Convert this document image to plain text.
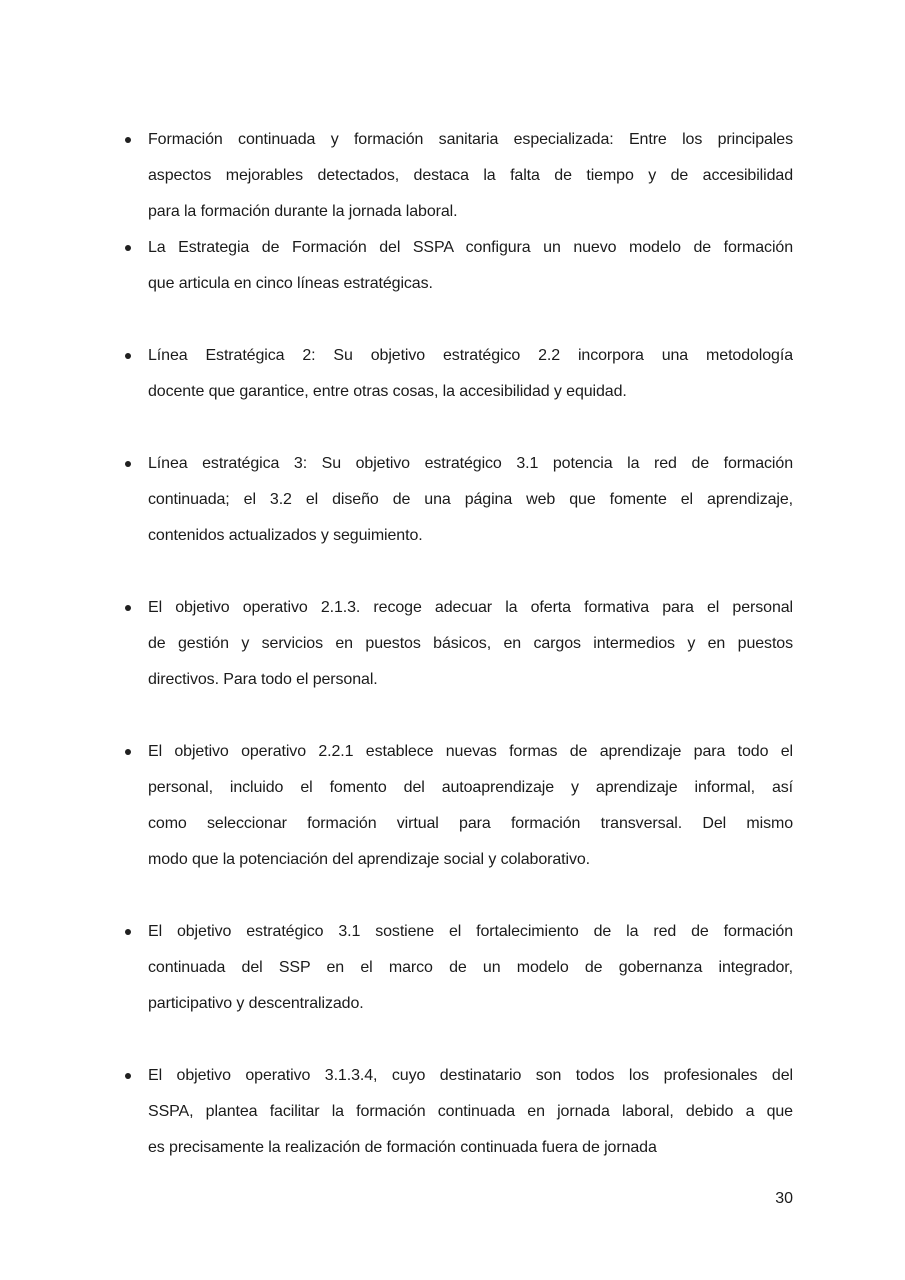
Formación continuada y formación sanitaria especializada: Entre los principales
aspectos mejorables detectados, destaca la falta de tiempo y de accesibilidad
para la formación durante la jornada laboral.
La Estrategia de Formación del SSPA configura un nuevo modelo de formación
que articula en cinco líneas estratégicas.
Línea Estratégica 2: Su objetivo estratégico 2.2 incorpora una metodología
docente que garantice, entre otras cosas, la accesibilidad y equidad.
Línea estratégica 3: Su objetivo estratégico 3.1 potencia la red de formación
continuada; el 3.2 el diseño de una página web que fomente el aprendizaje,
contenidos actualizados y seguimiento.
El objetivo operativo 2.1.3. recoge adecuar la oferta formativa para el personal
de gestión y servicios en puestos básicos, en cargos intermedios y en puestos
directivos. Para todo el personal.
El objetivo operativo 2.2.1 establece nuevas formas de aprendizaje para todo el
personal, incluido el fomento del autoaprendizaje y aprendizaje informal, así
como seleccionar formación virtual para formación transversal. Del mismo
modo que la potenciación del aprendizaje social y colaborativo.
El objetivo estratégico 3.1 sostiene el fortalecimiento de la red de formación
continuada del SSP en el marco de un modelo de gobernanza integrador,
participativo y descentralizado.
El objetivo operativo 3.1.3.4, cuyo destinatario son todos los profesionales del
SSPA, plantea facilitar la formación continuada en jornada laboral, debido a que
es precisamente la realización de formación continuada fuera de jornada
30
